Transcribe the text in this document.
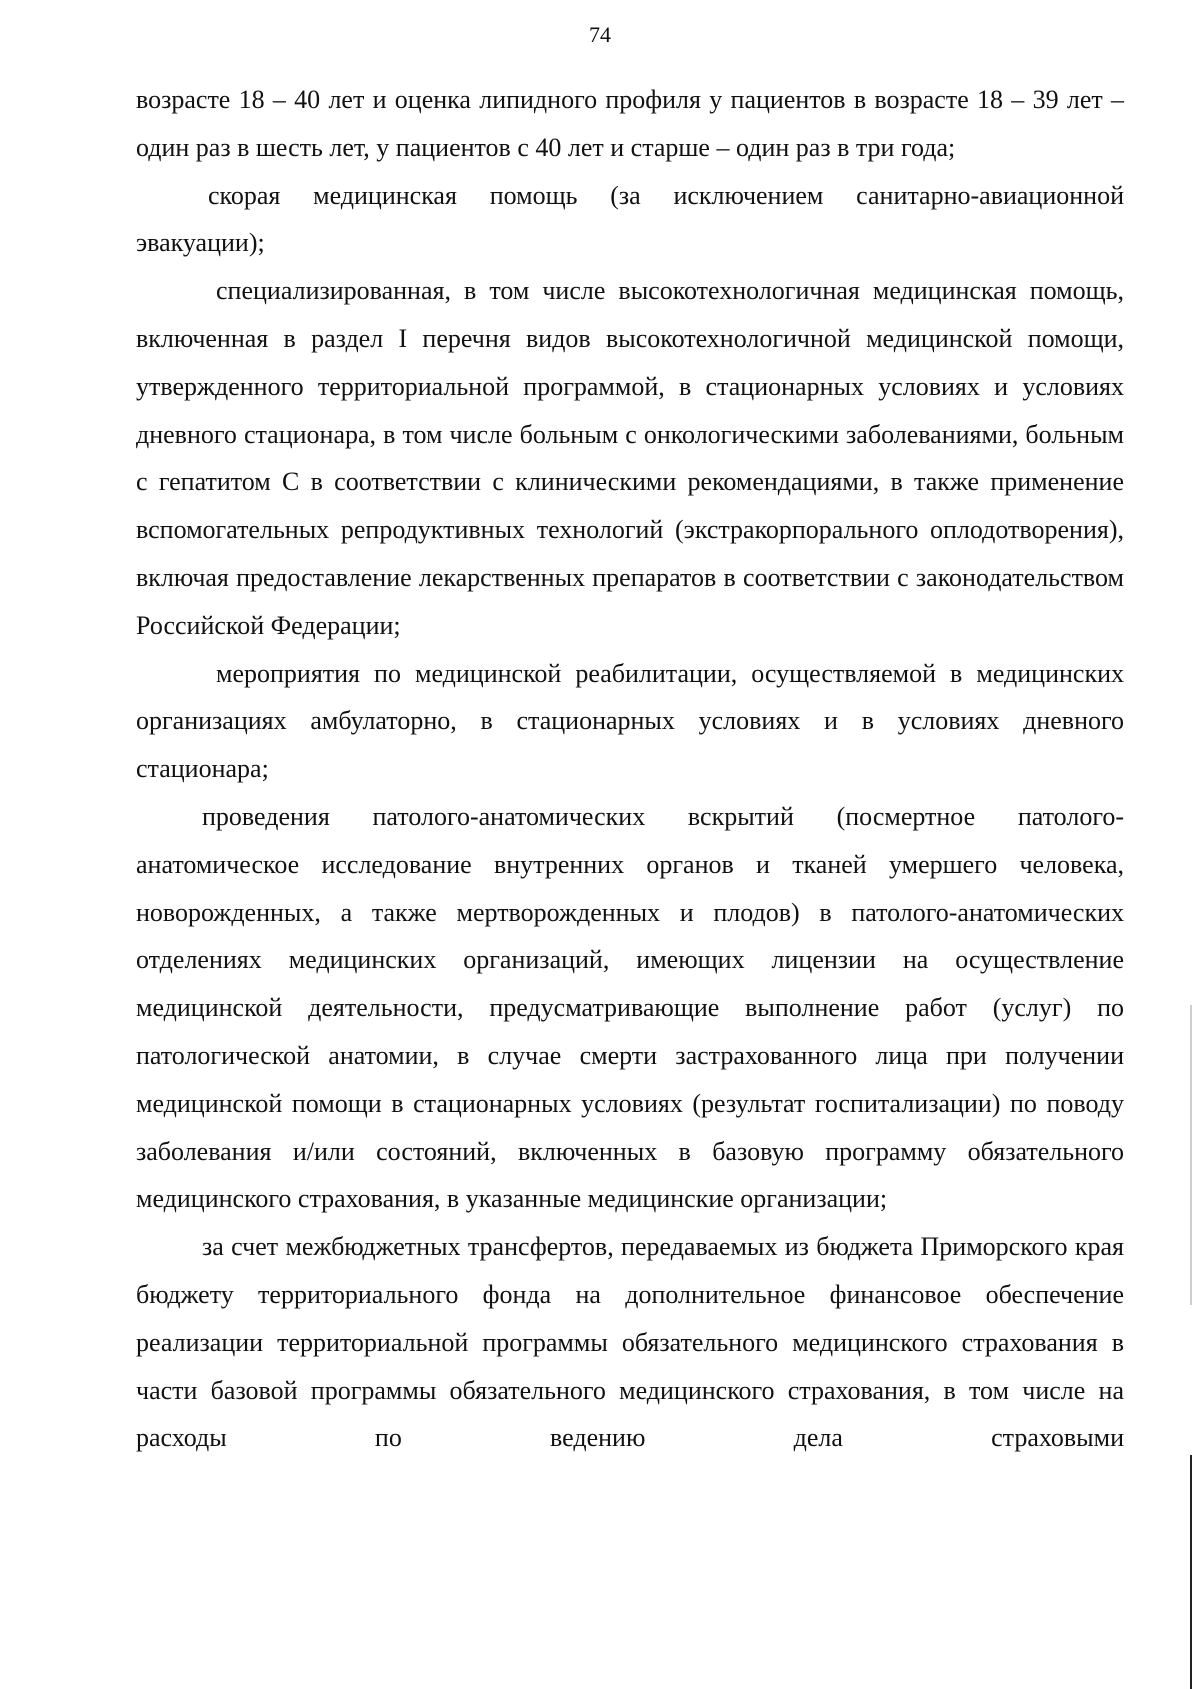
74

возрасте 18 – 40 лет и оценка липидного профиля у пациентов в возрасте 18 – 39 лет – один раз в шесть лет, у пациентов с 40 лет и старше – один раз в три года;

скорая медицинская помощь (за исключением санитарно-авиационной эвакуации);

специализированная, в том числе высокотехнологичная медицинская помощь, включенная в раздел I перечня видов высокотехнологичной медицинской помощи, утвержденного территориальной программой, в стационарных условиях и условиях дневного стационара, в том числе больным с онкологическими заболеваниями, больным с гепатитом С в соответствии с клиническими рекомендациями, в также применение вспомогательных репродуктивных технологий (экстракорпорального оплодотворения), включая предоставление лекарственных препаратов в соответствии с законодательством Российской Федерации;

мероприятия по медицинской реабилитации, осуществляемой в медицинских организациях амбулаторно, в стационарных условиях и в условиях дневного стационара;

проведения патолого-анатомических вскрытий (посмертное патолого-анатомическое исследование внутренних органов и тканей умершего человека, новорожденных, а также мертворожденных и плодов) в патолого-анатомических отделениях медицинских организаций, имеющих лицензии на осуществление медицинской деятельности, предусматривающие выполнение работ (услуг) по патологической анатомии, в случае смерти застрахованного лица при получении медицинской помощи в стационарных условиях (результат госпитализации) по поводу заболевания и/или состояний, включенных в базовую программу обязательного медицинского страхования, в указанные медицинские организации;

за счет межбюджетных трансфертов, передаваемых из бюджета Приморского края бюджету территориального фонда на дополнительное финансовое обеспечение реализации территориальной программы обязательного медицинского страхования в части базовой программы обязательного медицинского страхования, в том числе на расходы по ведению дела страховыми
